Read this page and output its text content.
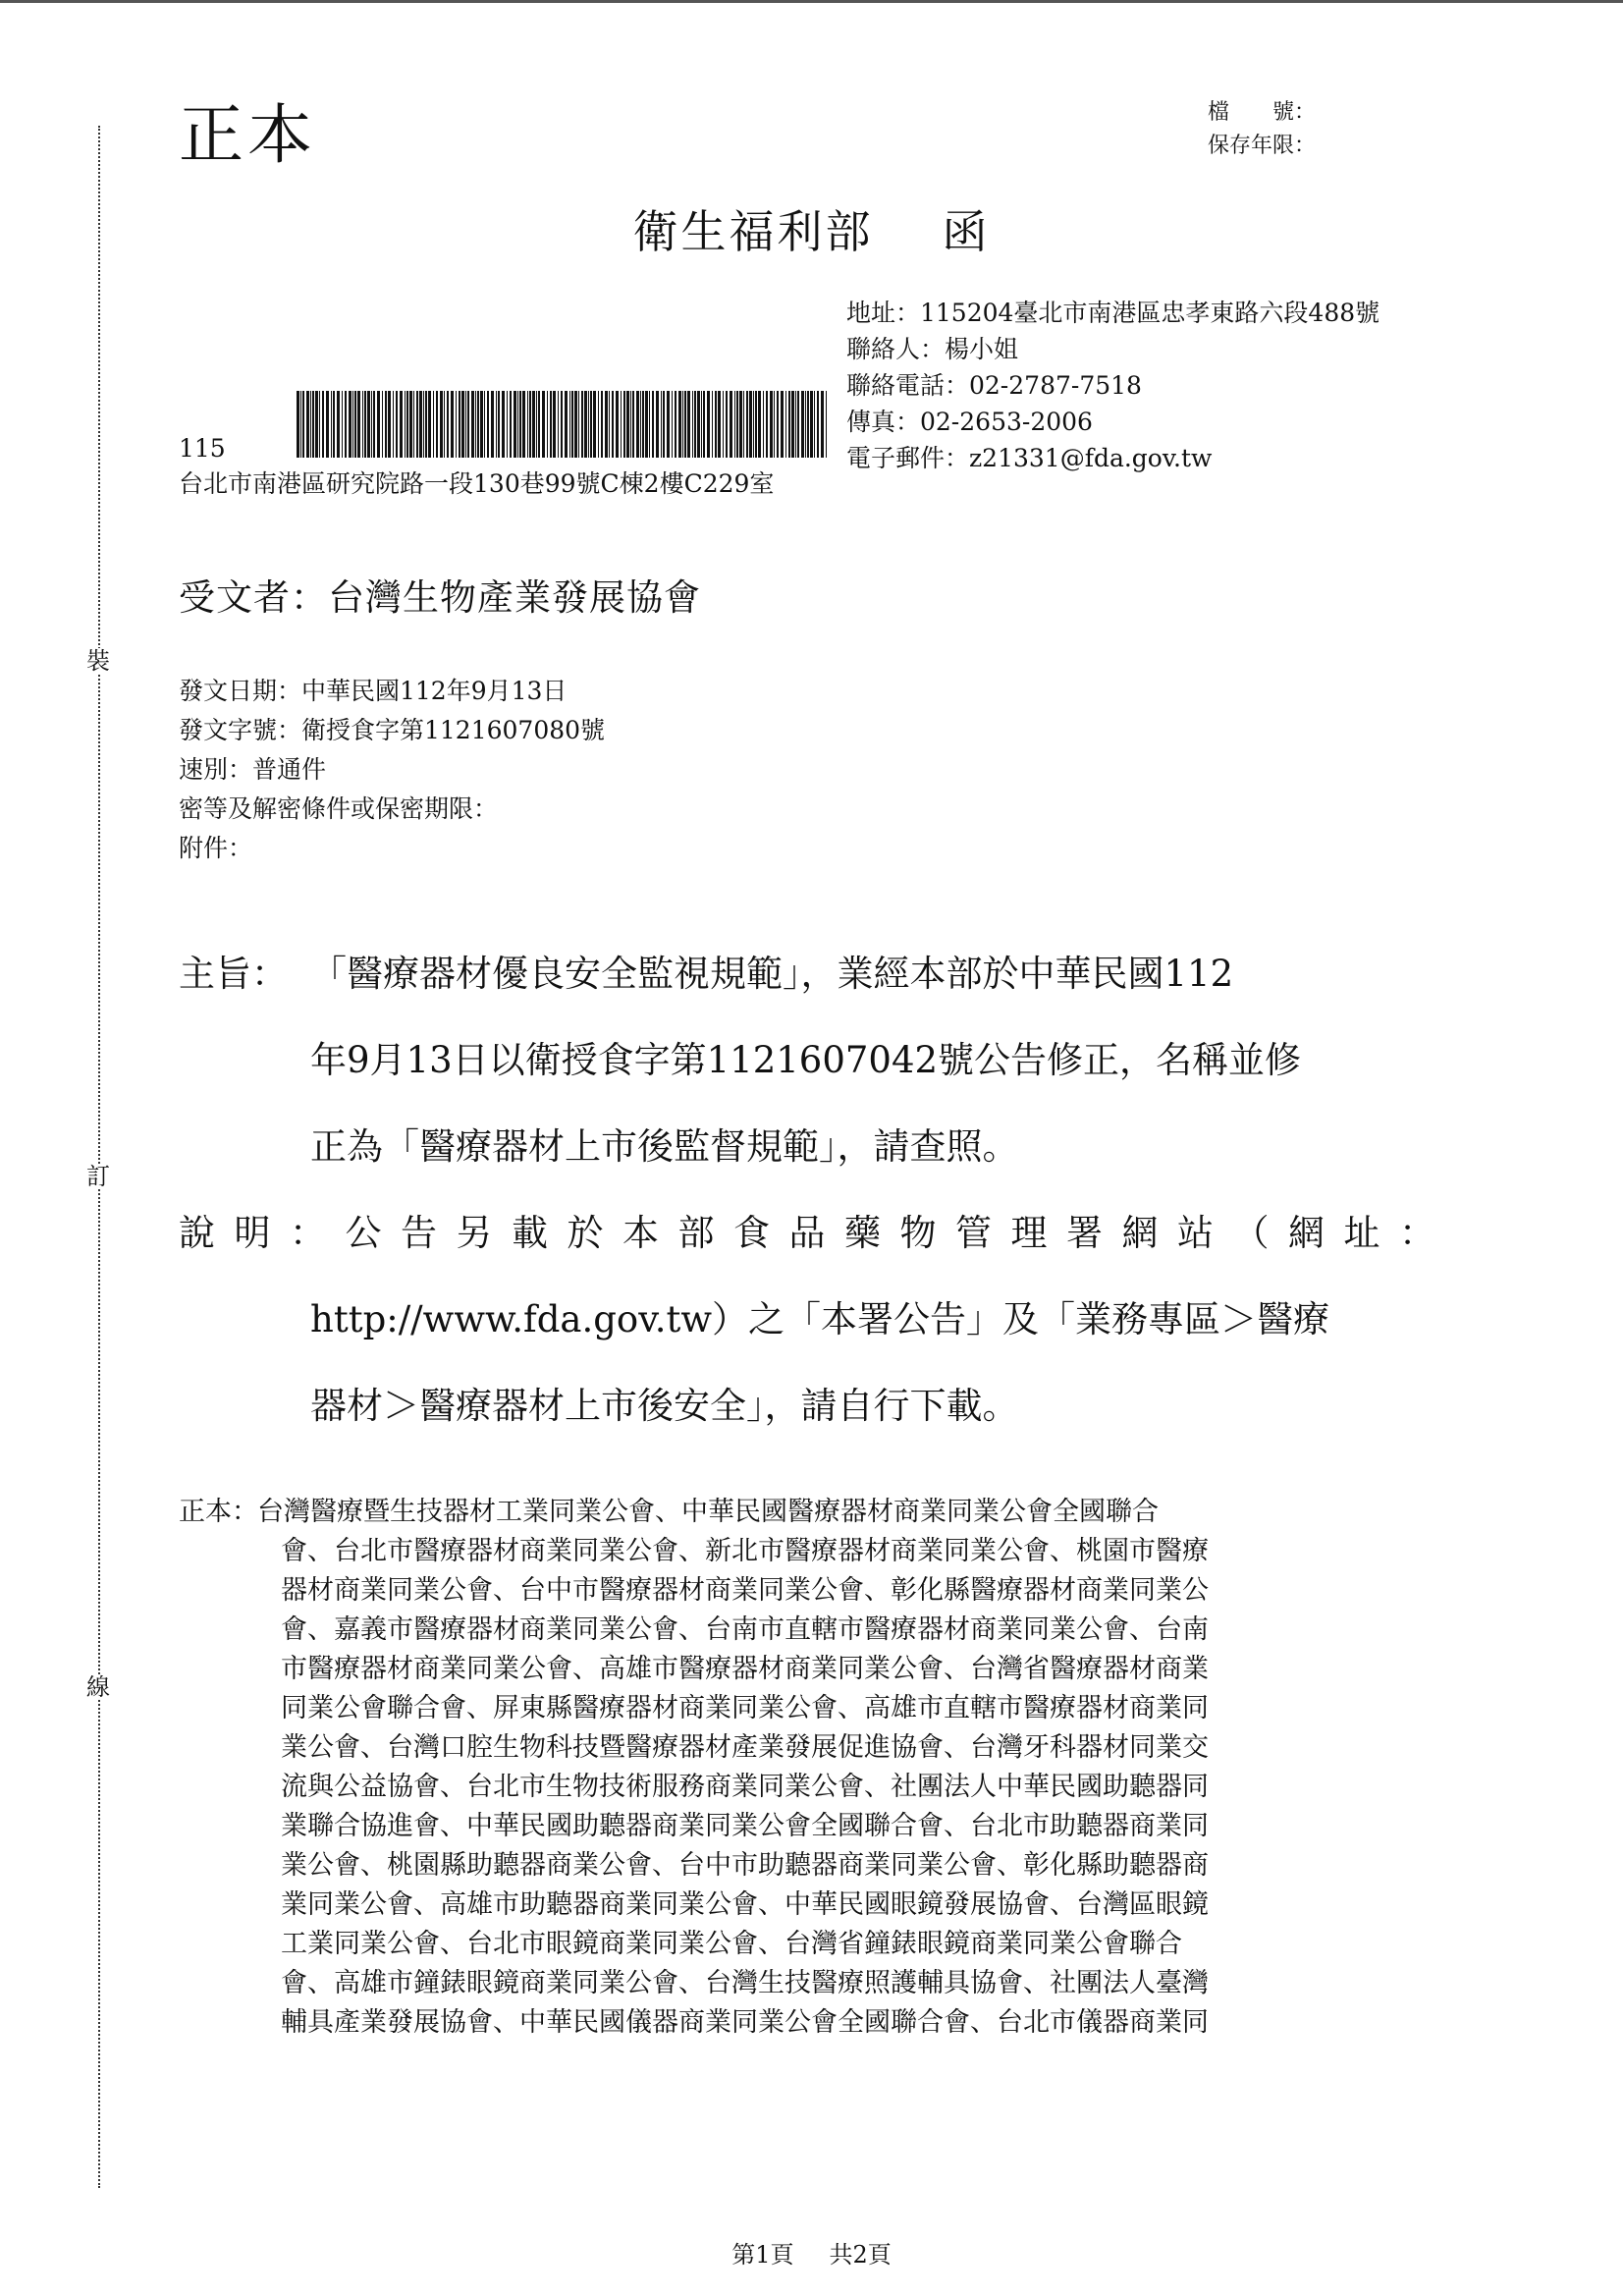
裝
訂
線
正本	檔　　號：
保存年限：
衛生福利部 函
地址：115204臺北市南港區忠孝東路六段488號
聯絡人：楊小姐
聯絡電話：02-2787-7518
傳真：02-2653-2006
電子郵件：z21331@fda.gov.tw
115
台北市南港區研究院路一段130巷99號C棟2樓C229室
受文者：台灣生物產業發展協會
發文日期：中華民國112年9月13日
發文字號：衛授食字第1121607080號
速別：普通件
密等及解密條件或保密期限：
附件：
主旨： 「醫療器材優良安全監視規範」，業經本部於中華民國112
年9月13日以衛授食字第1121607042號公告修正，名稱並修
正為「醫療器材上市後監督規範」，請查照。
說 明 ： 公 告 另 載 於 本 部 食 品 藥 物 管 理 署 網 站 （ 網 址 ：
http://www.fda.gov.tw）之「本署公告」及「業務專區＞醫療
器材＞醫療器材上市後安全」，請自行下載。
正本： 台灣醫療暨生技器材工業同業公會、中華民國醫療器材商業同業公會全國聯合
會、台北市醫療器材商業同業公會、新北市醫療器材商業同業公會、桃園市醫療
器材商業同業公會、台中市醫療器材商業同業公會、彰化縣醫療器材商業同業公
會、嘉義市醫療器材商業同業公會、台南市直轄市醫療器材商業同業公會、台南
市醫療器材商業同業公會、高雄市醫療器材商業同業公會、台灣省醫療器材商業
同業公會聯合會、屏東縣醫療器材商業同業公會、高雄市直轄市醫療器材商業同
業公會、台灣口腔生物科技暨醫療器材產業發展促進協會、台灣牙科器材同業交
流與公益協會、台北市生物技術服務商業同業公會、社團法人中華民國助聽器同
業聯合協進會、中華民國助聽器商業同業公會全國聯合會、台北市助聽器商業同
業公會、桃園縣助聽器商業公會、台中市助聽器商業同業公會、彰化縣助聽器商
業同業公會、高雄市助聽器商業同業公會、中華民國眼鏡發展協會、台灣區眼鏡
工業同業公會、台北市眼鏡商業同業公會、台灣省鐘錶眼鏡商業同業公會聯合
會、高雄市鐘錶眼鏡商業同業公會、台灣生技醫療照護輔具協會、社團法人臺灣
輔具產業發展協會、中華民國儀器商業同業公會全國聯合會、台北市儀器商業同
第1頁 共2頁
